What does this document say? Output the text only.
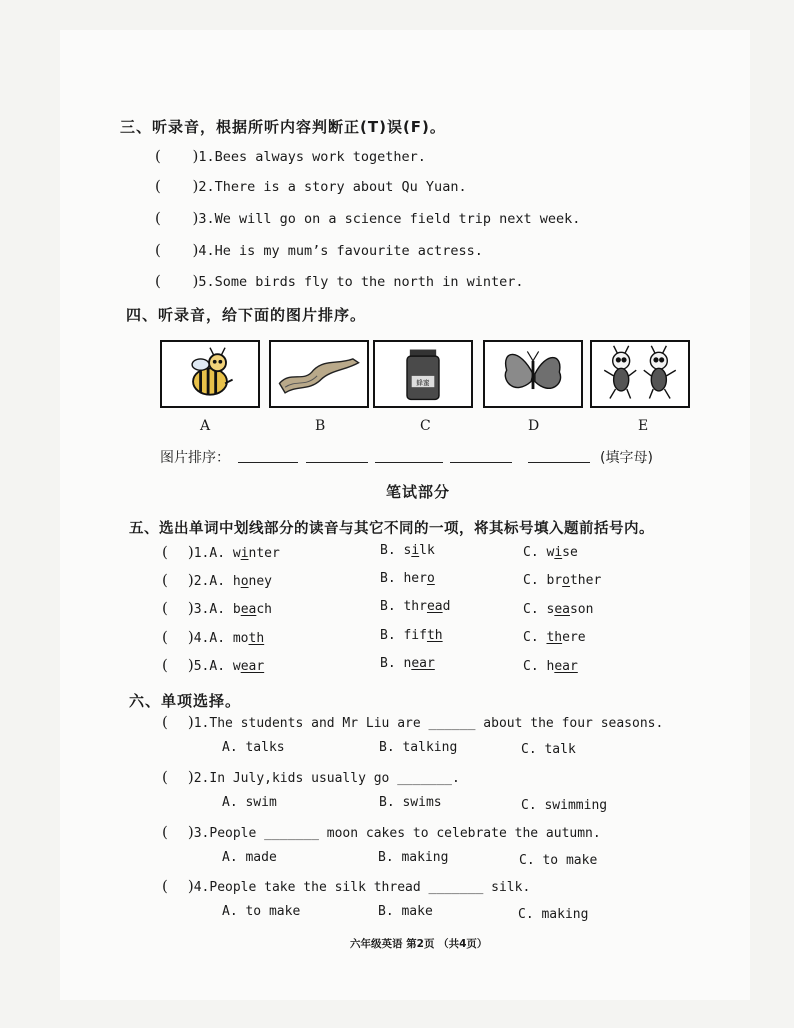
三、听录音，根据所听内容判断正(T)误(F)。
( )1.Bees always work together.
( )2.There is a story about Qu Yuan.
( )3.We will go on a science field trip next week.
( )4.He is my mum’s favourite actress.
( )5.Some birds fly to the north in winter.
四、听录音，给下面的图片排序。
蜂蜜
A	B	C	D	E
图片排序：	(填字母)
笔试部分
五、选出单词中划线部分的读音与其它不同的一项，将其标号填入题前括号内。
( )1.A. winter	B. silk	C. wise
( )2.A. honey	B. hero	C. brother
( )3.A. beach	B. thread	C. season
( )4.A. moth	B. fifth	C. there
( )5.A. wear	B. near	C. hear
六、单项选择。
( )1.The students and Mr Liu are ______ about the four seasons.
A. talks	B. talking	C. talk
( )2.In July,kids usually go _______.
A. swim	B. swims	C. swimming
( )3.People _______ moon cakes to celebrate the autumn.
A. made	B. making	C. to make
( )4.People take the silk thread _______ silk.
A. to make	B. make	C. making
六年级英语 第2页 （共4页）
